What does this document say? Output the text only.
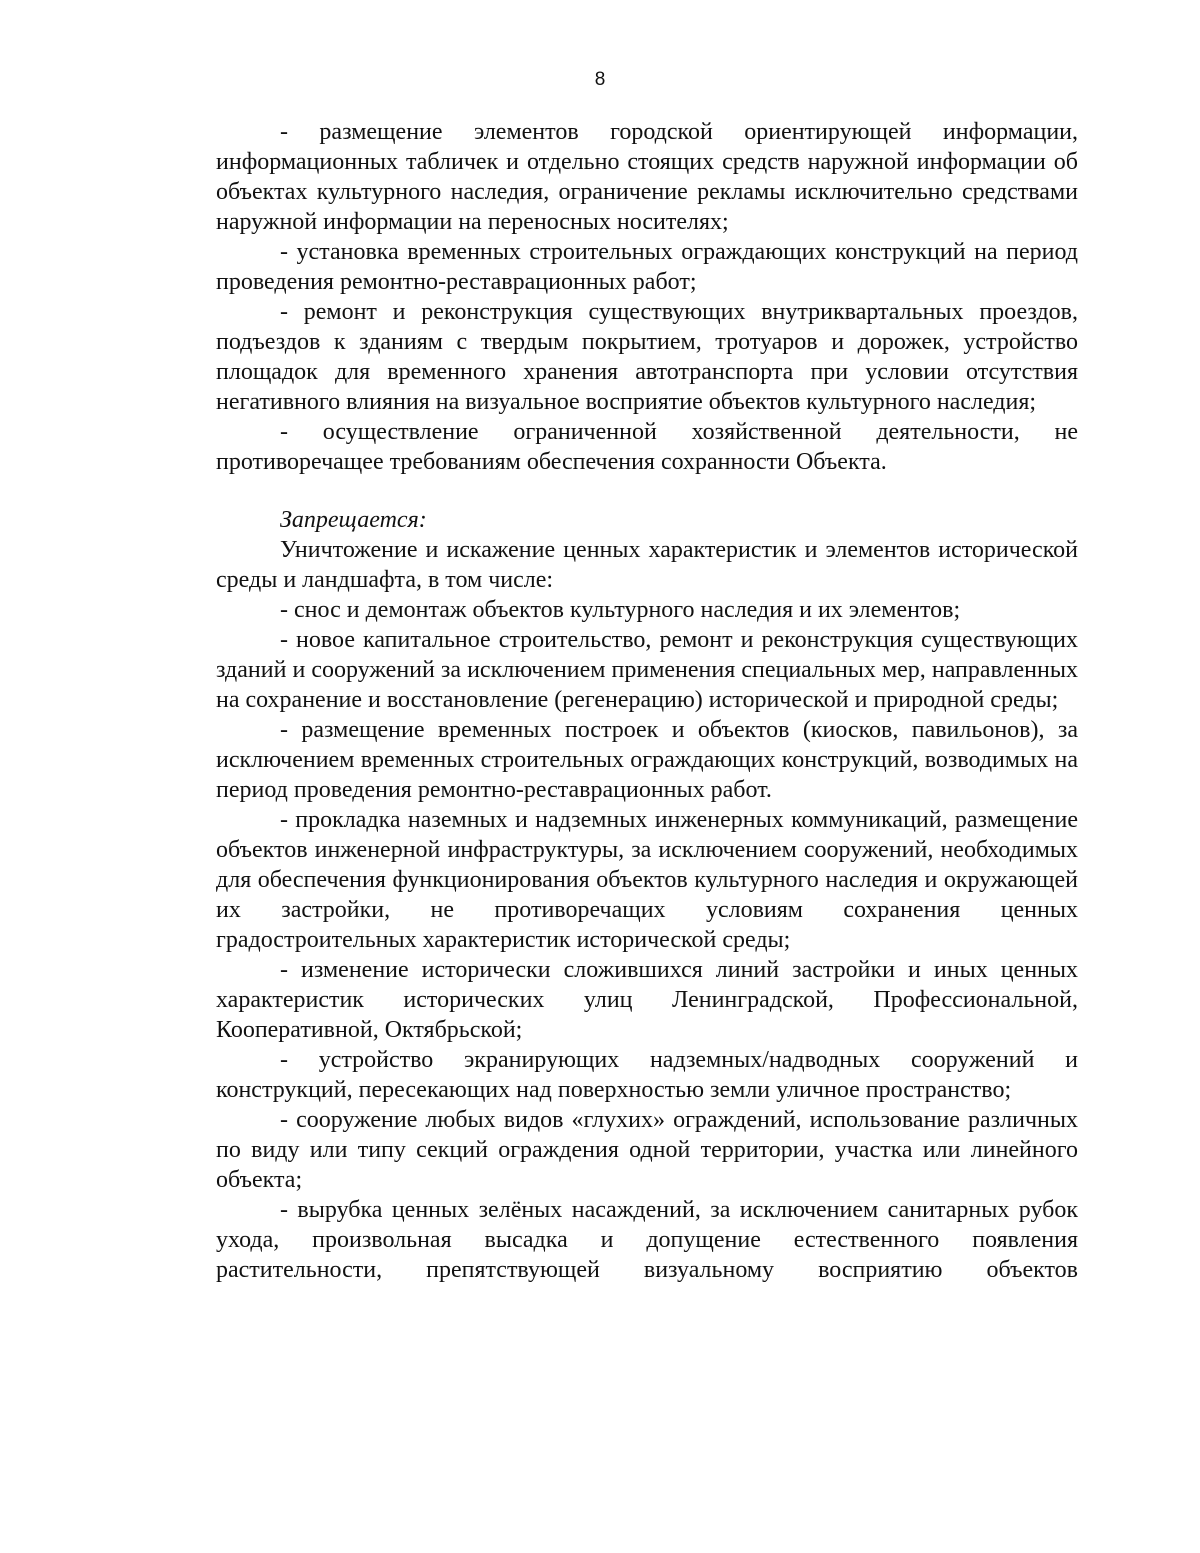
8

- размещение элементов городской ориентирующей информации, информационных табличек и отдельно стоящих средств наружной информации об объектах культурного наследия, ограничение рекламы исключительно средствами наружной информации на переносных носителях;

- установка временных строительных ограждающих конструкций на период проведения ремонтно-реставрационных работ;

- ремонт и реконструкция существующих внутриквартальных проездов, подъездов к зданиям с твердым покрытием, тротуаров и дорожек, устройство площадок для временного хранения автотранспорта при условии отсутствия негативного влияния на визуальное восприятие объектов культурного наследия;

- осуществление ограниченной хозяйственной деятельности, не противоречащее требованиям обеспечения сохранности Объекта.

Запрещается:

Уничтожение и искажение ценных характеристик и элементов исторической среды и ландшафта, в том числе:

- снос и демонтаж объектов культурного наследия и их элементов;

- новое капитальное строительство, ремонт и реконструкция существующих зданий и сооружений за исключением применения специальных мер, направленных на сохранение и восстановление (регенерацию) исторической и природной среды;

- размещение временных построек и объектов (киосков, павильонов), за исключением временных строительных ограждающих конструкций, возводимых на период проведения ремонтно-реставрационных работ.

- прокладка наземных и надземных инженерных коммуникаций, размещение объектов инженерной инфраструктуры, за исключением сооружений, необходимых для обеспечения функционирования объектов культурного наследия и окружающей их застройки, не противоречащих условиям сохранения ценных градостроительных характеристик исторической среды;

- изменение исторически сложившихся линий застройки и иных ценных характеристик исторических улиц Ленинградской, Профессиональной, Кооперативной, Октябрьской;

- устройство экранирующих надземных/надводных сооружений и конструкций, пересекающих над поверхностью земли уличное пространство;

- сооружение любых видов «глухих» ограждений, использование различных по виду или типу секций ограждения одной территории, участка или линейного объекта;

- вырубка ценных зелёных насаждений, за исключением санитарных рубок ухода, произвольная высадка и допущение естественного появления растительности, препятствующей визуальному восприятию объектов
